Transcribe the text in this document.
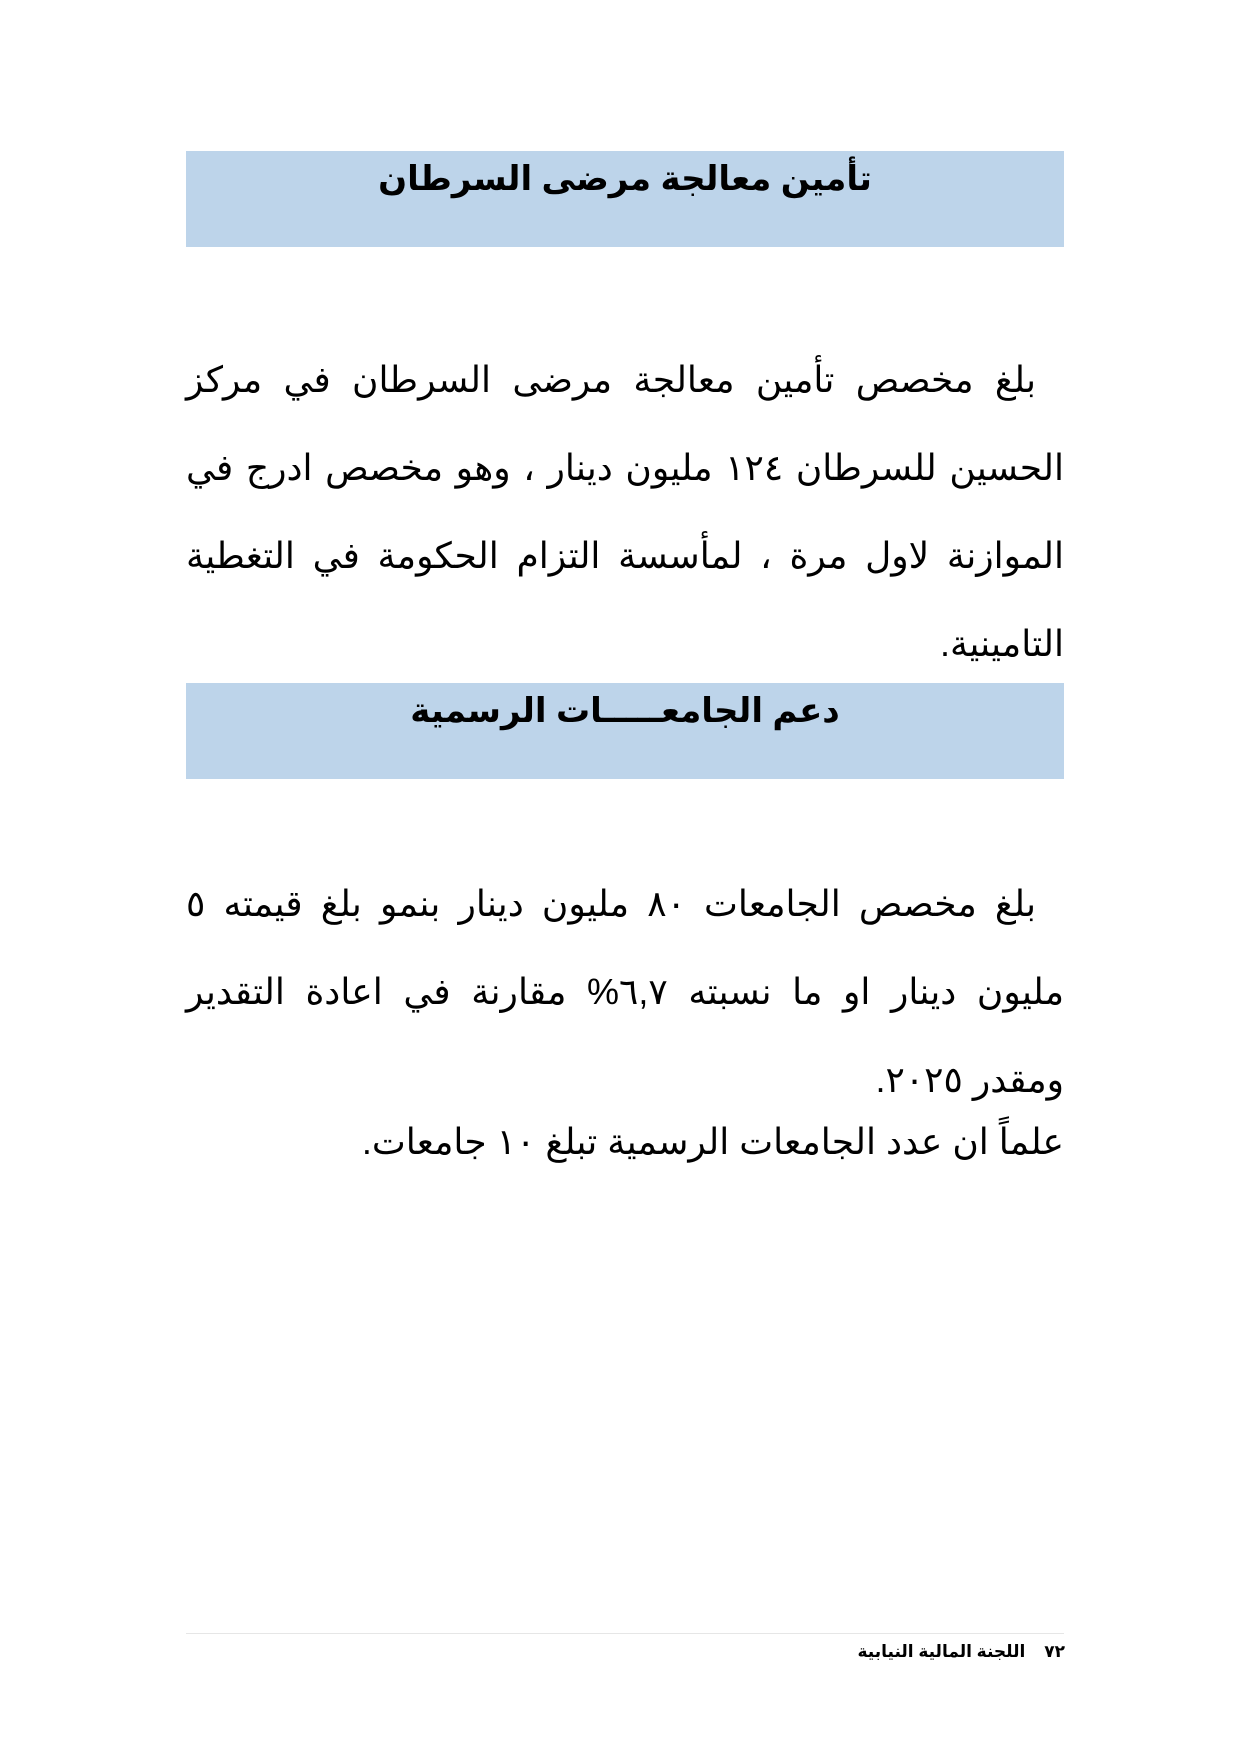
تأمين معالجة مرضى السرطان

بلغ مخصص تأمين معالجة مرضى السرطان في مركز الحسين للسرطان ١٢٤ مليون دينار ، وهو مخصص ادرج في الموازنة لاول مرة ، لمأسسة التزام الحكومة في التغطية التامينية.

دعم الجامعـــــات الرسمية

بلغ مخصص الجامعات ٨٠ مليون دينار بنمو بلغ قيمته ٥ مليون دينار او ما نسبته ٦,٧% مقارنة في اعادة التقدير ومقدر ٢٠٢٥.

علماً ان عدد الجامعات الرسمية تبلغ ١٠ جامعات.

٧٢    اللجنة المالية النيابية
